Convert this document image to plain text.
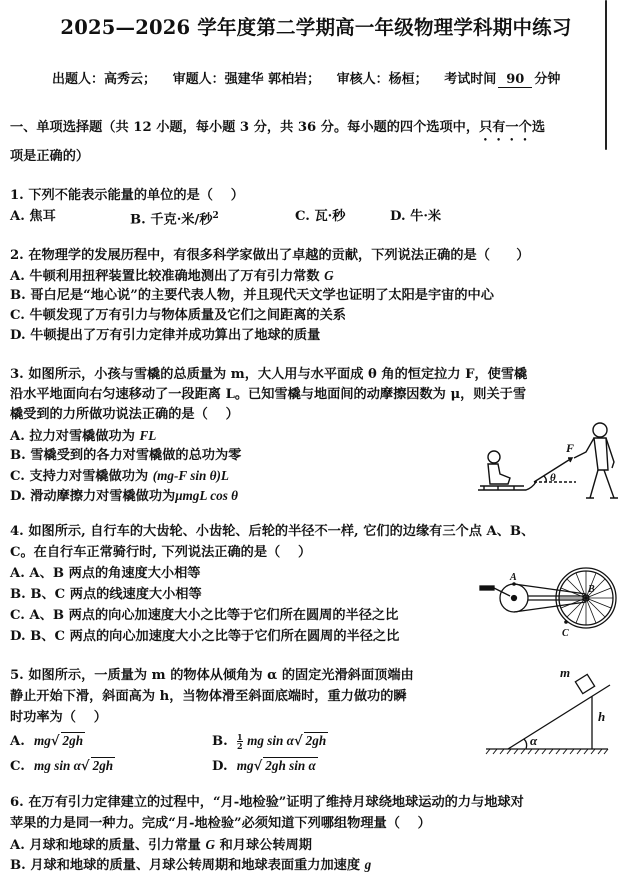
2025—2026 学年度第二学期高一年级物理学科期中练习
出题人：高秀云； 审题人：强建华 郭柏岩； 审核人：杨桓； 考试时间 90 分钟
一、单项选择题（共 12 小题，每小题 3 分，共 36 分。每小题的四个选项中，只有一个选
项是正确的）
1. 下列不能表示能量的单位的是（　 ）
A. 焦耳	B. 千克·米/秒$^2$	C. 瓦·秒	D. 牛·米
2. 在物理学的发展历程中，有很多科学家做出了卓越的贡献，下列说法正确的是（　　）
A. 牛顿利用扭秤装置比较准确地测出了万有引力常数 G
B. 哥白尼是“地心说”的主要代表人物，并且现代天文学也证明了太阳是宇宙的中心
C. 牛顿发现了万有引力与物体质量及它们之间距离的关系
D. 牛顿提出了万有引力定律并成功算出了地球的质量
3. 如图所示，小孩与雪橇的总质量为 m，大人用与水平面成 θ 角的恒定拉力 F，使雪橇
沿水平地面向右匀速移动了一段距离 L。已知雪橇与地面间的动摩擦因数为 μ，则关于雪
橇受到的力所做功说法正确的是（　 ）
A. 拉力对雪橇做功为 FL
B. 雪橇受到的各力对雪橇做的总功为零
C. 支持力对雪橇做功为 (mg-F sin θ)L
D. 滑动摩擦力对雪橇做功为μmgL cos θ
F
θ
4. 如图所示, 自行车的大齿轮、小齿轮、后轮的半径不一样, 它们的边缘有三个点 A、B、
C。在自行车正常骑行时, 下列说法正确的是（　 ）
A. A、B 两点的角速度大小相等
B. B、C 两点的线速度大小相等
C. A、B 两点的向心加速度大小之比等于它们所在圆周的半径之比
D. B、C 两点的向心加速度大小之比等于它们所在圆周的半径之比
A
B
C
5. 如图所示，一质量为 m 的物体从倾角为 α 的固定光滑斜面顶端由
静止开始下滑，斜面高为 h，当物体滑至斜面底端时，重力做功的瞬
时功率为（　 ）
A. mg√ 2gh	B. $\frac{1}{2}$ mg sin α√ 2gh
C. mg sin α√ 2gh	D. mg√ 2gh sin α
m
h
α
6. 在万有引力定律建立的过程中，“月-地检验”证明了维持月球绕地球运动的力与地球对
苹果的力是同一种力。完成“月-地检验”必须知道下列哪组物理量（　 ）
A. 月球和地球的质量、引力常量 G 和月球公转周期
B. 月球和地球的质量、月球公转周期和地球表面重力加速度 g
